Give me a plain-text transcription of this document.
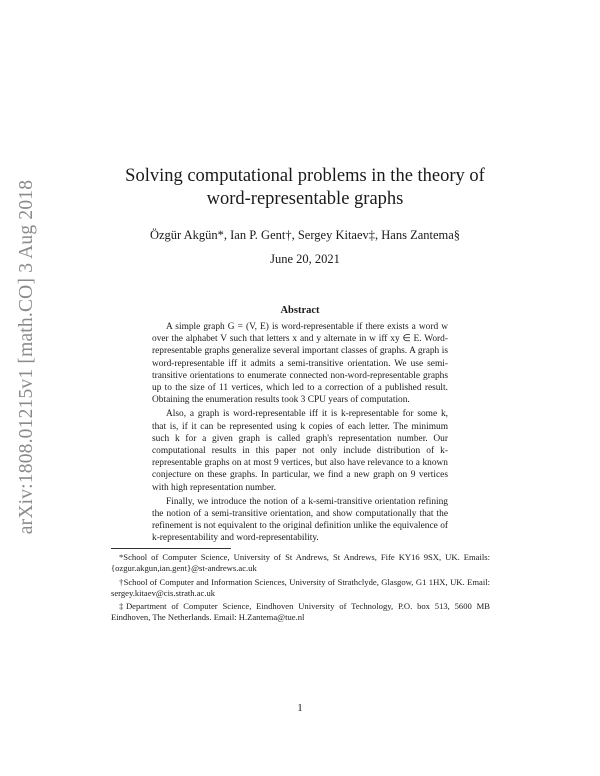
arXiv:1808.01215v1 [math.CO] 3 Aug 2018
Solving computational problems in the theory of
word-representable graphs
Özgür Akgün*, Ian P. Gent†, Sergey Kitaev‡, Hans Zantema§
June 20, 2021
Abstract

A simple graph G = (V, E) is word-representable if there exists a word w over the alphabet V such that letters x and y alternate in w iff xy ∈ E. Word-representable graphs generalize several important classes of graphs. A graph is word-representable iff it admits a semi-transitive orientation. We use semi-transitive orientations to enumerate connected non-word-representable graphs up to the size of 11 vertices, which led to a correction of a published result. Obtaining the enumeration results took 3 CPU years of computation.

Also, a graph is word-representable iff it is k-representable for some k, that is, if it can be represented using k copies of each letter. The minimum such k for a given graph is called graph's representation number. Our computational results in this paper not only include distribution of k-representable graphs on at most 9 vertices, but also have relevance to a known conjecture on these graphs. In particular, we find a new graph on 9 vertices with high representation number.

Finally, we introduce the notion of a k-semi-transitive orientation refining the notion of a semi-transitive orientation, and show computationally that the refinement is not equivalent to the original definition unlike the equivalence of k-representability and word-representability.

*School of Computer Science, University of St Andrews, St Andrews, Fife KY16 9SX, UK. Emails: {ozgur.akgun,ian.gent}@st-andrews.ac.uk

†School of Computer and Information Sciences, University of Strathclyde, Glasgow, G1 1HX, UK. Email: sergey.kitaev@cis.strath.ac.uk

‡Department of Computer Science, Eindhoven University of Technology, P.O. box 513, 5600 MB Eindhoven, The Netherlands. Email: H.Zantema@tue.nl

1
